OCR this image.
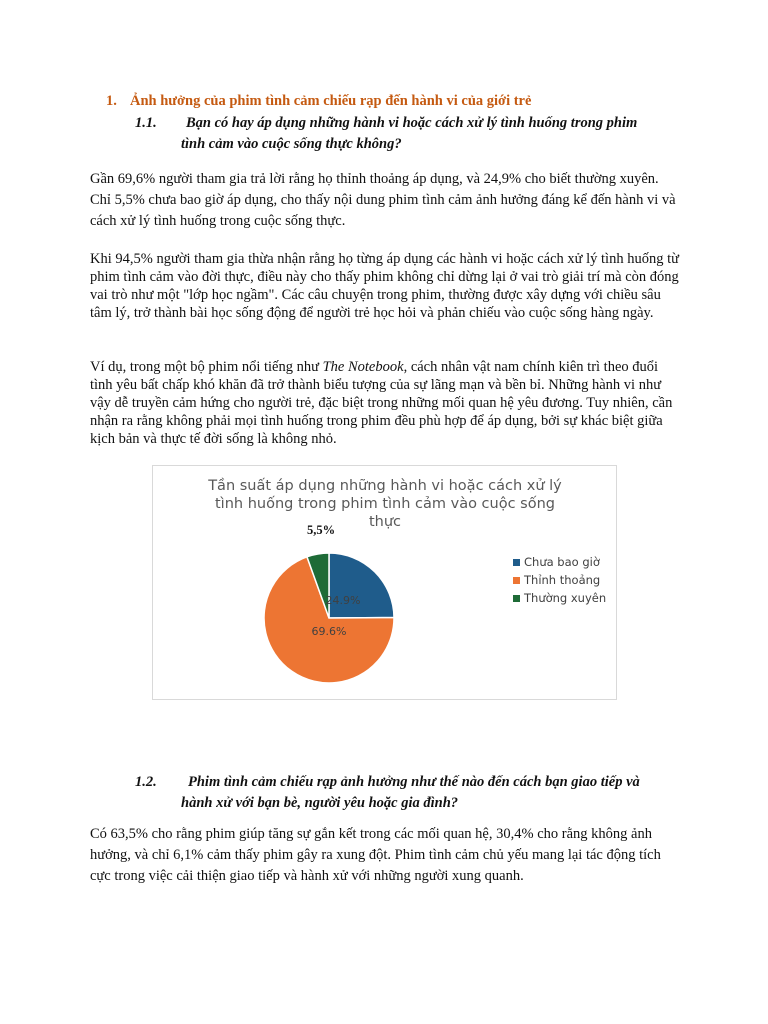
1. Ảnh hưởng của phim tình cảm chiếu rạp đến hành vi của giới trẻ
1.1.	Bạn có hay áp dụng những hành vi hoặc cách xử lý tình huống trong phim
tình cảm vào cuộc sống thực không?

Gần 69,6% người tham gia trả lời rằng họ thỉnh thoảng áp dụng, và 24,9% cho biết thường xuyên. Chỉ 5,5% chưa bao giờ áp dụng, cho thấy nội dung phim tình cảm ảnh hưởng đáng kể đến hành vi và cách xử lý tình huống trong cuộc sống thực.

Khi 94,5% người tham gia thừa nhận rằng họ từng áp dụng các hành vi hoặc cách xử lý tình huống từ phim tình cảm vào đời thực, điều này cho thấy phim không chỉ dừng lại ở vai trò giải trí mà còn đóng vai trò như một "lớp học ngầm". Các câu chuyện trong phim, thường được xây dựng với chiều sâu tâm lý, trở thành bài học sống động để người trẻ học hỏi và phản chiếu vào cuộc sống hàng ngày.

Ví dụ, trong một bộ phim nổi tiếng như The Notebook, cách nhân vật nam chính kiên trì theo đuổi tình yêu bất chấp khó khăn đã trở thành biểu tượng của sự lãng mạn và bền bỉ. Những hành vi như vậy dễ truyền cảm hứng cho người trẻ, đặc biệt trong những mối quan hệ yêu đương. Tuy nhiên, cần nhận ra rằng không phải mọi tình huống trong phim đều phù hợp để áp dụng, bởi sự khác biệt giữa kịch bản và thực tế đời sống là không nhỏ.

Tần suất áp dụng những hành vi hoặc cách xử lý
tình huống trong phim tình cảm vào cuộc sống
thực
24.9%
69.6%
5,5%
Chưa bao giờ
Thỉnh thoảng
Thường xuyên
1.2.	Phim tình cảm chiếu rạp ảnh hưởng như thế nào đến cách bạn giao tiếp và
hành xử với bạn bè, người yêu hoặc gia đình?

Có 63,5% cho rằng phim giúp tăng sự gắn kết trong các mối quan hệ, 30,4% cho rằng không ảnh hưởng, và chỉ 6,1% cảm thấy phim gây ra xung đột. Phim tình cảm chủ yếu mang lại tác động tích cực trong việc cải thiện giao tiếp và hành xử với những người xung quanh.
